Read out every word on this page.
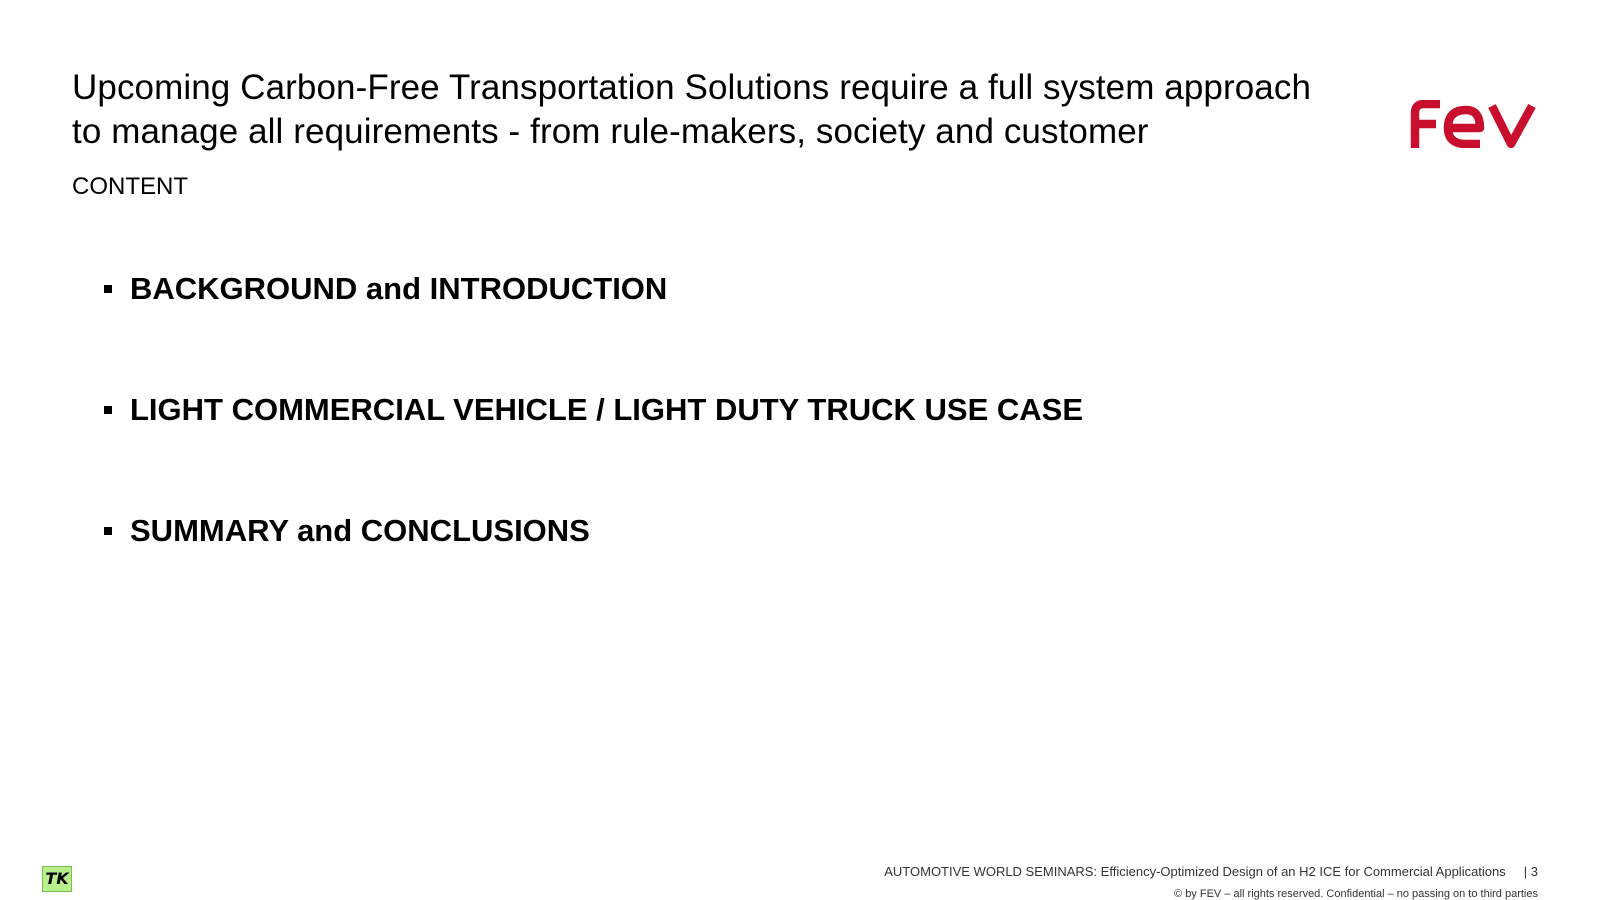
Upcoming Carbon-Free Transportation Solutions require a full system approach
to manage all requirements - from rule-makers, society and customer
CONTENT
BACKGROUND and INTRODUCTION
LIGHT COMMERCIAL VEHICLE / LIGHT DUTY TRUCK USE CASE
SUMMARY and CONCLUSIONS
TK	AUTOMOTIVE WORLD SEMINARS: Efficiency-Optimized Design of an H2 ICE for Commercial Applications | 3
© by FEV – all rights reserved. Confidential – no passing on to third parties
